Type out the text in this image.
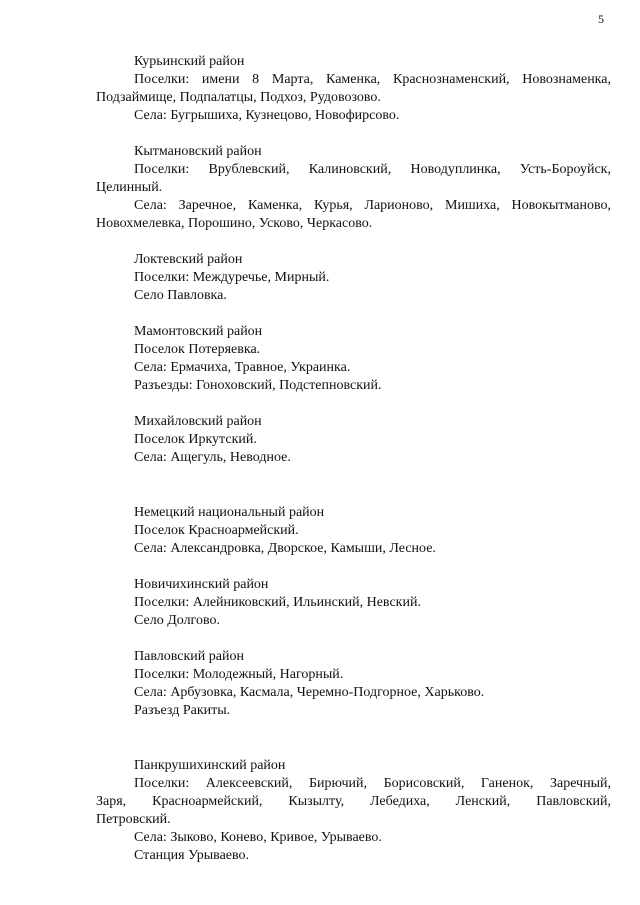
5
Курьинский район
Поселки: имени 8 Марта, Каменка, Краснознаменский, Новознаменка,
Подзаймище, Подпалатцы, Подхоз, Рудовозово.
Села: Бугрышиха, Кузнецово, Новофирсово.
Кытмановский район
Поселки: Врублевский, Калиновский, Новодуплинка, Усть-Бороуйск,
Целинный.
Села: Заречное, Каменка, Курья, Ларионово, Мишиха, Новокытманово,
Новохмелевка, Порошино, Усково, Черкасово.
Локтевский район
Поселки: Междуречье, Мирный.
Село Павловка.
Мамонтовский район
Поселок Потеряевка.
Села: Ермачиха, Травное, Украинка.
Разъезды: Гоноховский, Подстепновский.
Михайловский район
Поселок Иркутский.
Села: Ащегуль, Неводное.
Немецкий национальный район
Поселок Красноармейский.
Села: Александровка, Дворское, Камыши, Лесное.
Новичихинский район
Поселки: Алейниковский, Ильинский, Невский.
Село Долгово.
Павловский район
Поселки: Молодежный, Нагорный.
Села: Арбузовка, Касмала, Черемно-Подгорное, Харьково.
Разъезд Ракиты.
Панкрушихинский район
Поселки: Алексеевский, Бирючий, Борисовский, Ганенок, Заречный,
Заря, Красноармейский, Кызылту, Лебедиха, Ленский, Павловский,
Петровский.
Села: Зыково, Конево, Кривое, Урываево.
Станция Урываево.
